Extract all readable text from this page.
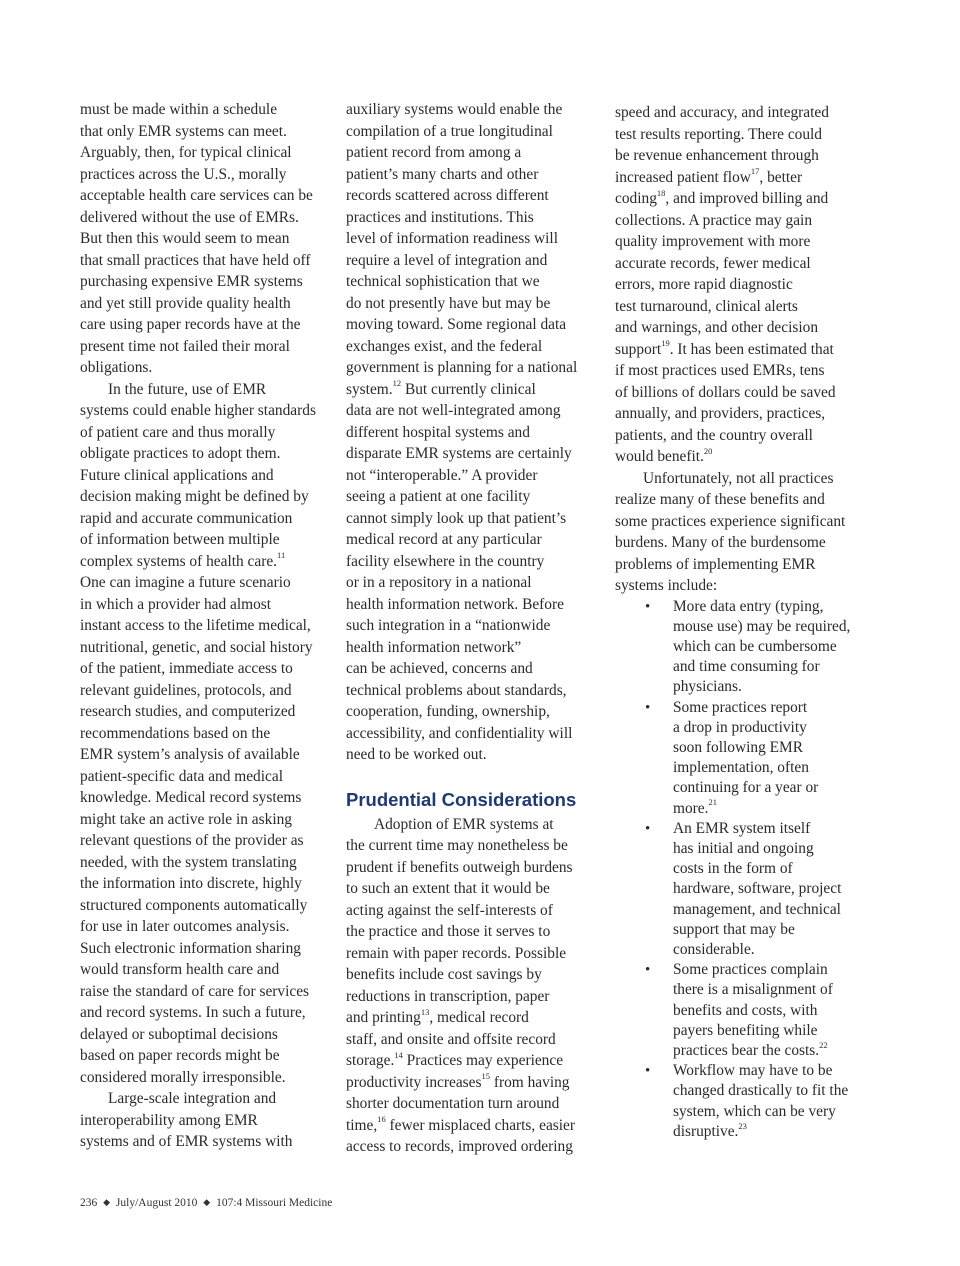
must be made within a schedule
that only EMR systems can meet.
Arguably, then, for typical clinical
practices across the U.S., morally
acceptable health care services can be
delivered without the use of EMRs.
But then this would seem to mean
that small practices that have held off
purchasing expensive EMR systems
and yet still provide quality health
care using paper records have at the
present time not failed their moral
obligations.
In the future, use of EMR
systems could enable higher standards
of patient care and thus morally
obligate practices to adopt them.
Future clinical applications and
decision making might be defined by
rapid and accurate communication
of information between multiple
complex systems of health care.$^{11}$
One can imagine a future scenario
in which a provider had almost
instant access to the lifetime medical,
nutritional, genetic, and social history
of the patient, immediate access to
relevant guidelines, protocols, and
research studies, and computerized
recommendations based on the
EMR system’s analysis of available
patient-specific data and medical
knowledge. Medical record systems
might take an active role in asking
relevant questions of the provider as
needed, with the system translating
the information into discrete, highly
structured components automatically
for use in later outcomes analysis.
Such electronic information sharing
would transform health care and
raise the standard of care for services
and record systems. In such a future,
delayed or suboptimal decisions
based on paper records might be
considered morally irresponsible.
Large-scale integration and
interoperability among EMR
systems and of EMR systems with
auxiliary systems would enable the
compilation of a true longitudinal
patient record from among a
patient’s many charts and other
records scattered across different
practices and institutions. This
level of information readiness will
require a level of integration and
technical sophistication that we
do not presently have but may be
moving toward. Some regional data
exchanges exist, and the federal
government is planning for a national
system.$^{12}$ But currently clinical
data are not well-integrated among
different hospital systems and
disparate EMR systems are certainly
not “interoperable.” A provider
seeing a patient at one facility
cannot simply look up that patient’s
medical record at any particular
facility elsewhere in the country
or in a repository in a national
health information network. Before
such integration in a “nationwide
health information network”
can be achieved, concerns and
technical problems about standards,
cooperation, funding, ownership,
accessibility, and confidentiality will
need to be worked out.
Prudential Considerations
Adoption of EMR systems at
the current time may nonetheless be
prudent if benefits outweigh burdens
to such an extent that it would be
acting against the self-interests of
the practice and those it serves to
remain with paper records. Possible
benefits include cost savings by
reductions in transcription, paper
and printing$^{13}$, medical record
staff, and onsite and offsite record
storage.$^{14}$ Practices may experience
productivity increases$^{15}$ from having
shorter documentation turn around
time,$^{16}$ fewer misplaced charts, easier
access to records, improved ordering
speed and accuracy, and integrated
test results reporting. There could
be revenue enhancement through
increased patient flow$^{17}$, better
coding$^{18}$, and improved billing and
collections. A practice may gain
quality improvement with more
accurate records, fewer medical
errors, more rapid diagnostic
test turnaround, clinical alerts
and warnings, and other decision
support$^{19}$. It has been estimated that
if most practices used EMRs, tens
of billions of dollars could be saved
annually, and providers, practices,
patients, and the country overall
would benefit.$^{20}$
Unfortunately, not all practices
realize many of these benefits and
some practices experience significant
burdens. Many of the burdensome
problems of implementing EMR
systems include:
• More data entry (typing,
mouse use) may be required,
which can be cumbersome
and time consuming for
physicians.
• Some practices report
a drop in productivity
soon following EMR
implementation, often
continuing for a year or
more.$^{21}$
• An EMR system itself
has initial and ongoing
costs in the form of
hardware, software, project
management, and technical
support that may be
considerable.
• Some practices complain
there is a misalignment of
benefits and costs, with
payers benefiting while
practices bear the costs.$^{22}$
• Workflow may have to be
changed drastically to fit the
system, which can be very
disruptive.$^{23}$
236 ◆ July/August 2010 ◆ 107:4 Missouri Medicine
